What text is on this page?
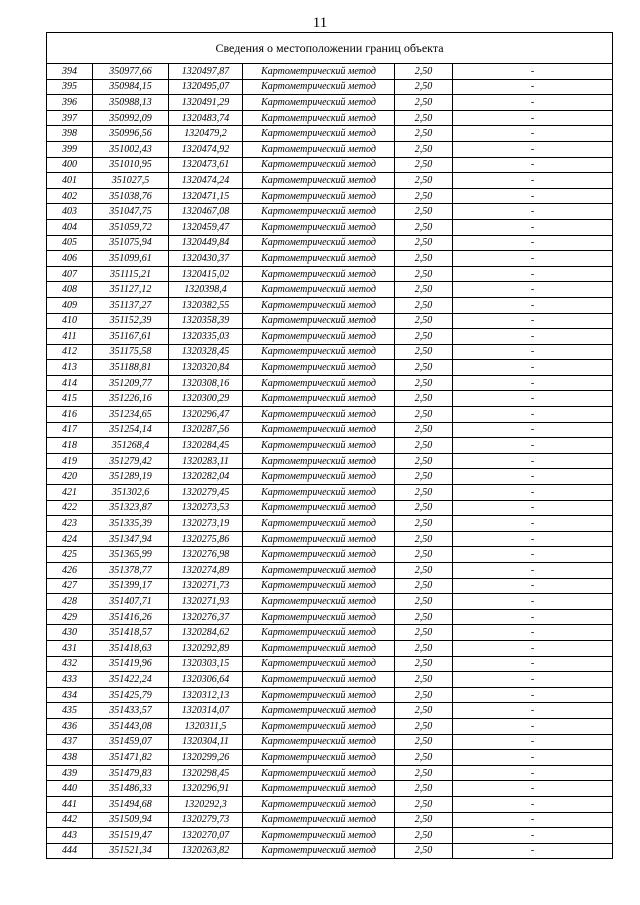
11
Сведения о местоположении границ объекта					
394	350977,66	1320497,87	Картометрический метод	2,50	-
395	350984,15	1320495,07	Картометрический метод	2,50	-
396	350988,13	1320491,29	Картометрический метод	2,50	-
397	350992,09	1320483,74	Картометрический метод	2,50	-
398	350996,56	1320479,2	Картометрический метод	2,50	-
399	351002,43	1320474,92	Картометрический метод	2,50	-
400	351010,95	1320473,61	Картометрический метод	2,50	-
401	351027,5	1320474,24	Картометрический метод	2,50	-
402	351038,76	1320471,15	Картометрический метод	2,50	-
403	351047,75	1320467,08	Картометрический метод	2,50	-
404	351059,72	1320459,47	Картометрический метод	2,50	-
405	351075,94	1320449,84	Картометрический метод	2,50	-
406	351099,61	1320430,37	Картометрический метод	2,50	-
407	351115,21	1320415,02	Картометрический метод	2,50	-
408	351127,12	1320398,4	Картометрический метод	2,50	-
409	351137,27	1320382,55	Картометрический метод	2,50	-
410	351152,39	1320358,39	Картометрический метод	2,50	-
411	351167,61	1320335,03	Картометрический метод	2,50	-
412	351175,58	1320328,45	Картометрический метод	2,50	-
413	351188,81	1320320,84	Картометрический метод	2,50	-
414	351209,77	1320308,16	Картометрический метод	2,50	-
415	351226,16	1320300,29	Картометрический метод	2,50	-
416	351234,65	1320296,47	Картометрический метод	2,50	-
417	351254,14	1320287,56	Картометрический метод	2,50	-
418	351268,4	1320284,45	Картометрический метод	2,50	-
419	351279,42	1320283,11	Картометрический метод	2,50	-
420	351289,19	1320282,04	Картометрический метод	2,50	-
421	351302,6	1320279,45	Картометрический метод	2,50	-
422	351323,87	1320273,53	Картометрический метод	2,50	-
423	351335,39	1320273,19	Картометрический метод	2,50	-
424	351347,94	1320275,86	Картометрический метод	2,50	-
425	351365,99	1320276,98	Картометрический метод	2,50	-
426	351378,77	1320274,89	Картометрический метод	2,50	-
427	351399,17	1320271,73	Картометрический метод	2,50	-
428	351407,71	1320271,93	Картометрический метод	2,50	-
429	351416,26	1320276,37	Картометрический метод	2,50	-
430	351418,57	1320284,62	Картометрический метод	2,50	-
431	351418,63	1320292,89	Картометрический метод	2,50	-
432	351419,96	1320303,15	Картометрический метод	2,50	-
433	351422,24	1320306,64	Картометрический метод	2,50	-
434	351425,79	1320312,13	Картометрический метод	2,50	-
435	351433,57	1320314,07	Картометрический метод	2,50	-
436	351443,08	1320311,5	Картометрический метод	2,50	-
437	351459,07	1320304,11	Картометрический метод	2,50	-
438	351471,82	1320299,26	Картометрический метод	2,50	-
439	351479,83	1320298,45	Картометрический метод	2,50	-
440	351486,33	1320296,91	Картометрический метод	2,50	-
441	351494,68	1320292,3	Картометрический метод	2,50	-
442	351509,94	1320279,73	Картометрический метод	2,50	-
443	351519,47	1320270,07	Картометрический метод	2,50	-
444	351521,34	1320263,82	Картометрический метод	2,50	-
